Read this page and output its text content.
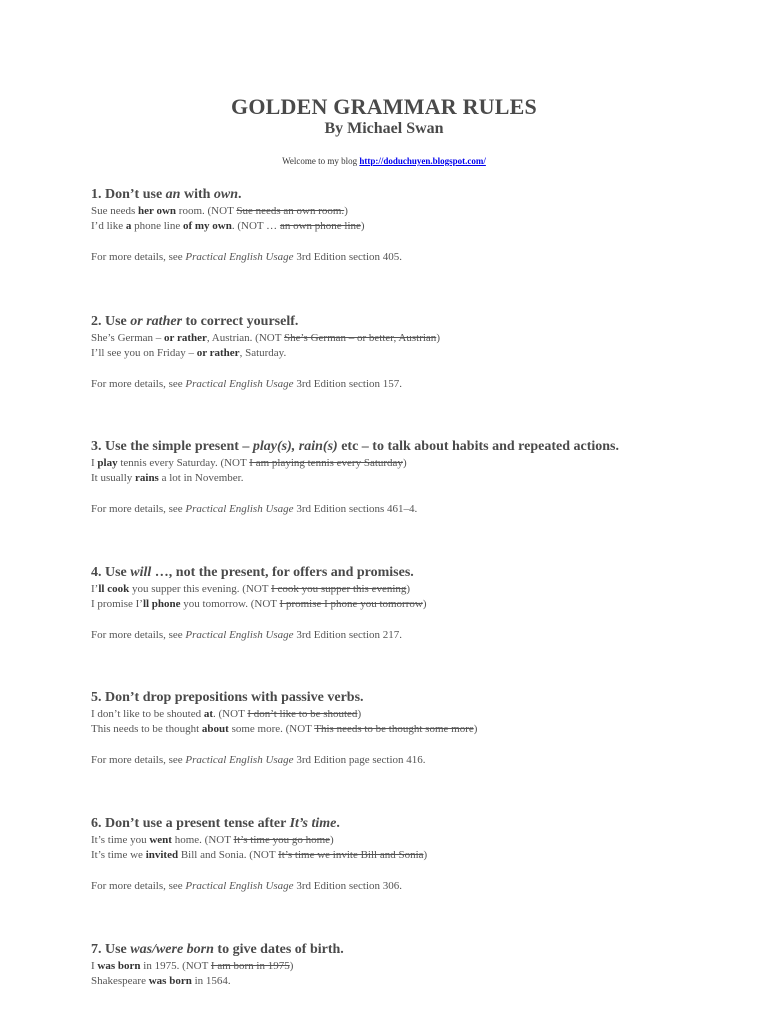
GOLDEN GRAMMAR RULES
By Michael Swan
Welcome to my blog http://doduchuyen.blogspot.com/
1. Don’t use an with own.
Sue needs her own room. (NOT Sue needs an own room.)
I’d like a phone line of my own. (NOT … an own phone line)
For more details, see Practical English Usage 3rd Edition section 405.
2. Use or rather to correct yourself.
She’s German – or rather, Austrian. (NOT She’s German – or better, Austrian)
I’ll see you on Friday – or rather, Saturday.
For more details, see Practical English Usage 3rd Edition section 157.
3. Use the simple present – play(s), rain(s) etc – to talk about habits and repeated actions.
I play tennis every Saturday. (NOT I am playing tennis every Saturday)
It usually rains a lot in November.
For more details, see Practical English Usage 3rd Edition sections 461–4.
4. Use will …, not the present, for offers and promises.
I’ll cook you supper this evening. (NOT I cook you supper this evening)
I promise I’ll phone you tomorrow. (NOT I promise I phone you tomorrow)
For more details, see Practical English Usage 3rd Edition section 217.
5. Don’t drop prepositions with passive verbs.
I don’t like to be shouted at. (NOT I don’t like to be shouted)
This needs to be thought about some more. (NOT This needs to be thought some more)
For more details, see Practical English Usage 3rd Edition page section 416.
6. Don’t use a present tense after It’s time.
It’s time you went home. (NOT It’s time you go home)
It’s time we invited Bill and Sonia. (NOT It’s time we invite Bill and Sonia)
For more details, see Practical English Usage 3rd Edition section 306.
7. Use was/were born to give dates of birth.
I was born in 1975. (NOT I am born in 1975)
Shakespeare was born in 1564.
